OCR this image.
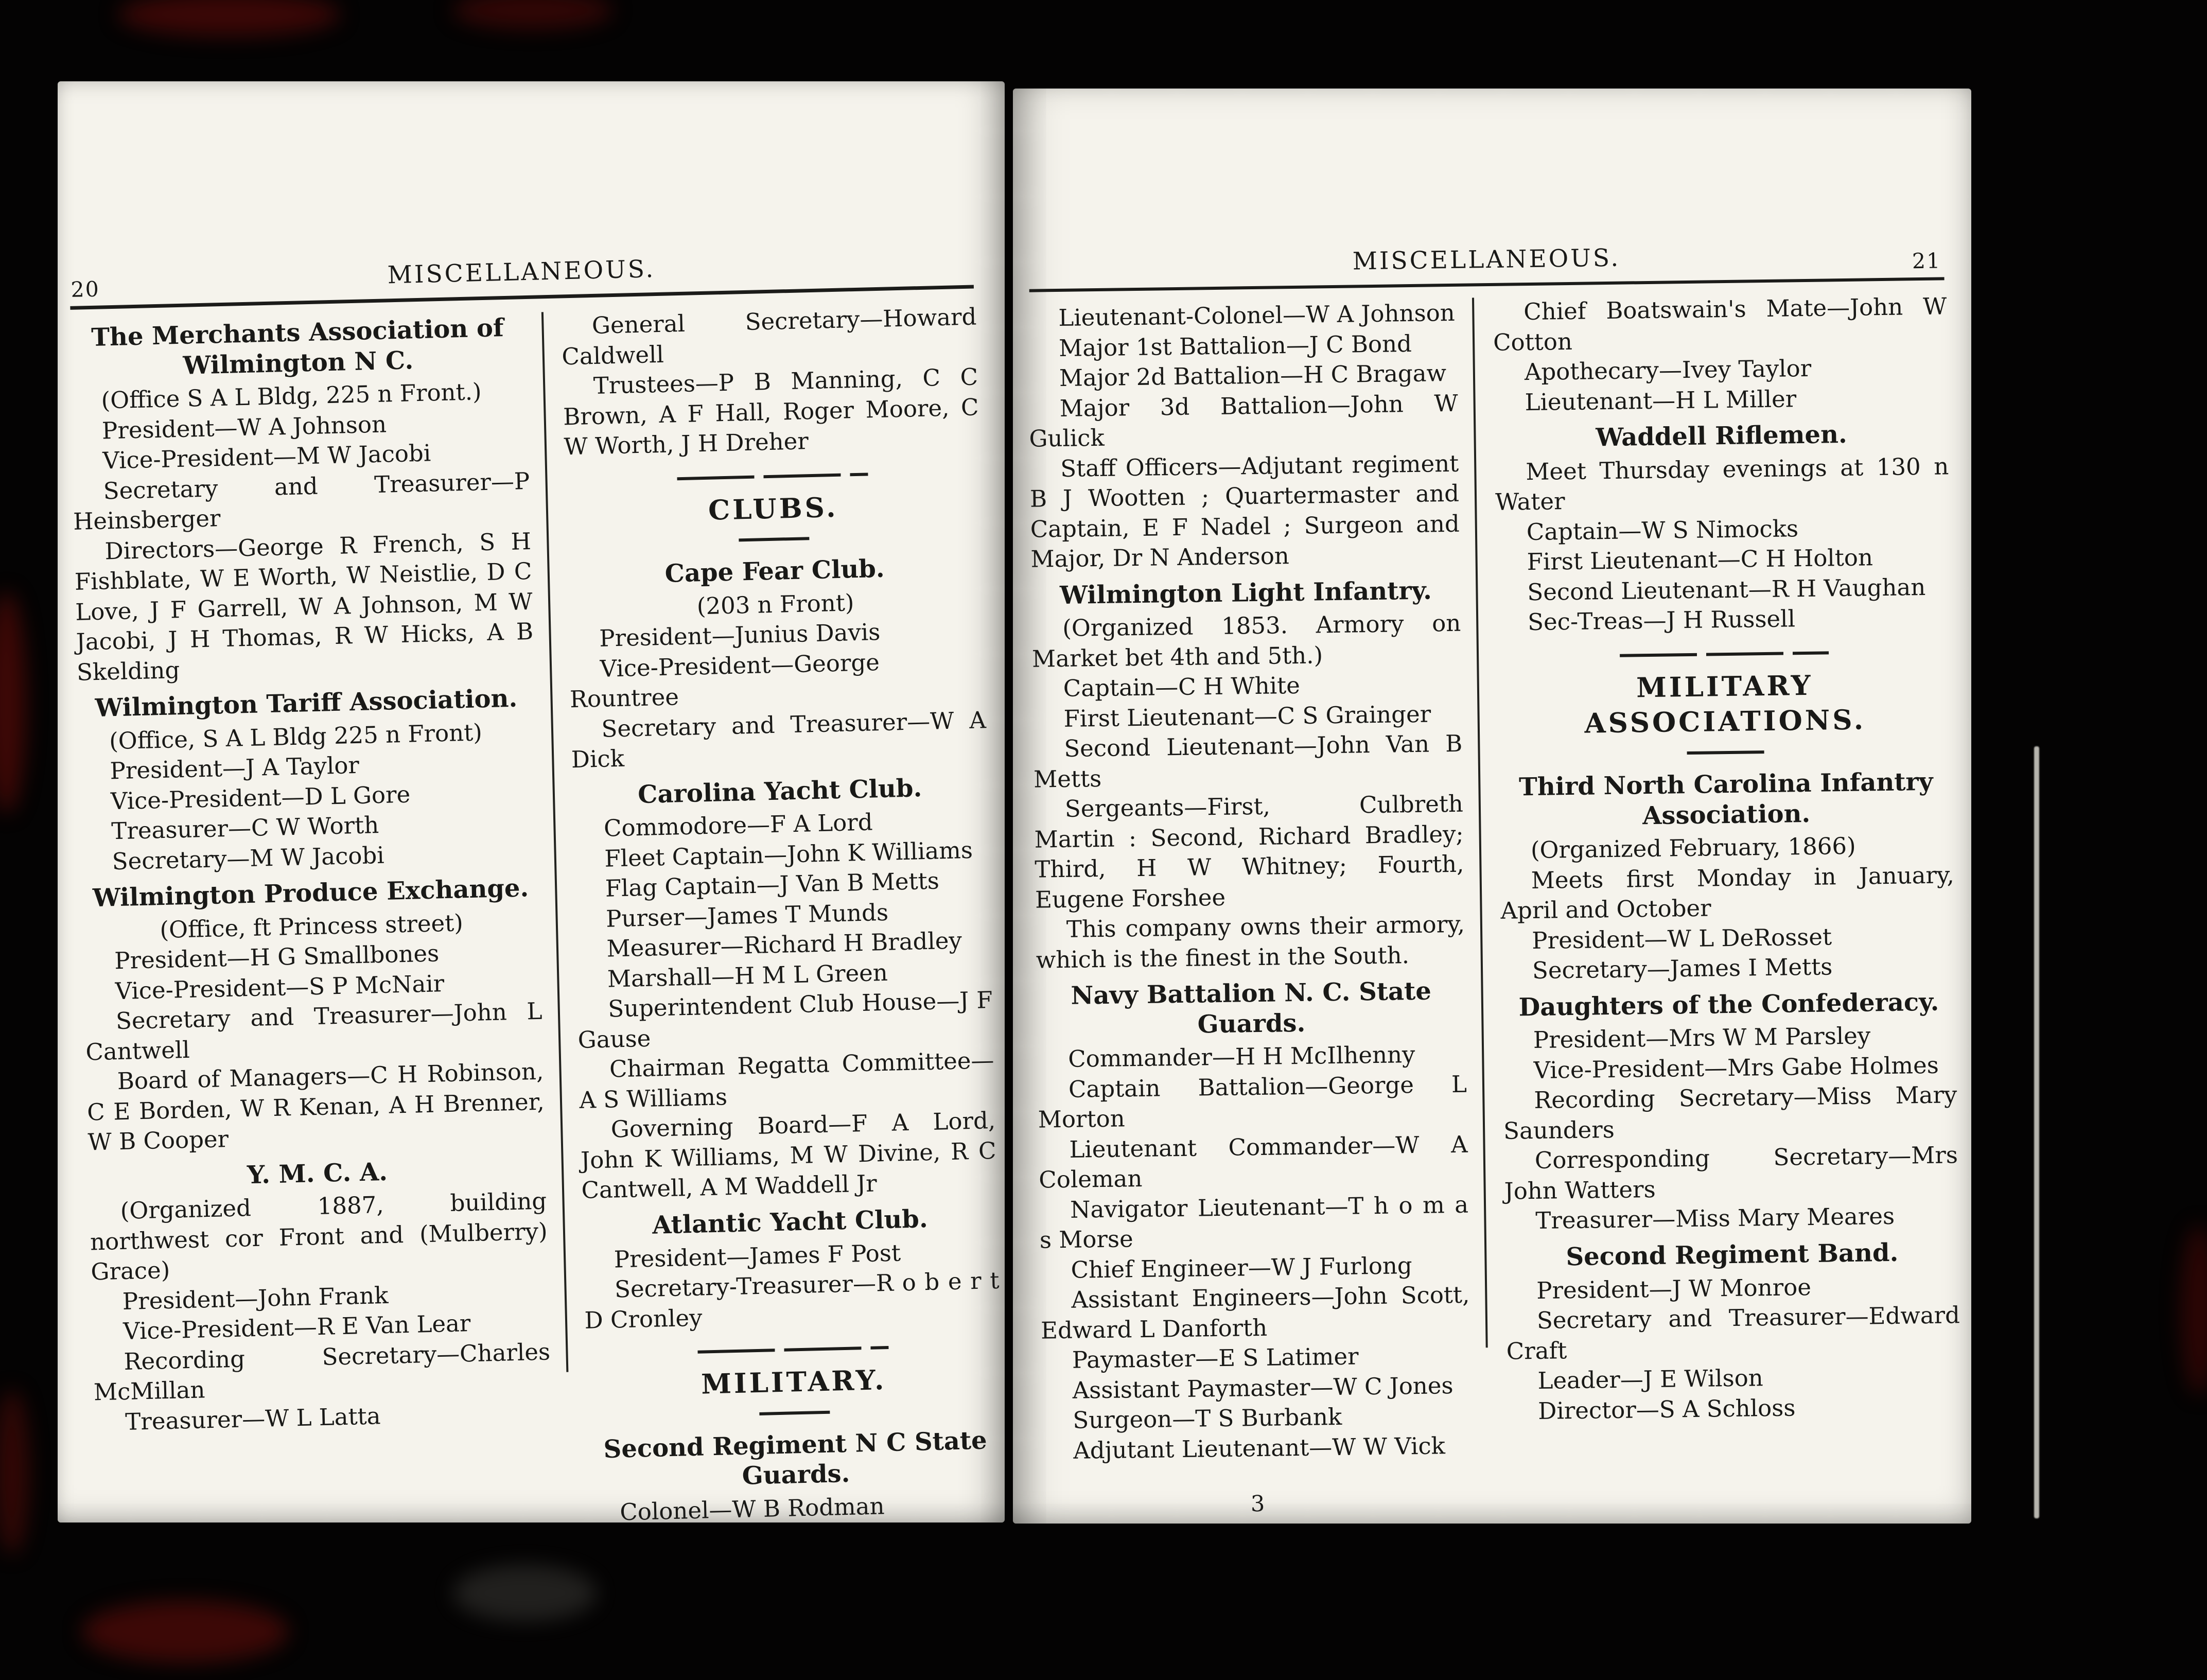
20	MISCELLANEOUS.
The Merchants Association of Wilmington N C.
(Office S A L Bldg, 225 n Front.)
President—W A Johnson
Vice-President—M W Jacobi
Secretary and Treasurer—P Heinsberger
Directors—George R French, S H Fishblate, W E Worth, W Neistlie, D C Love, J F Garrell, W A Johnson, M W Jacobi, J H Thomas, R W Hicks, A B Skelding
Wilmington Tariff Association.
(Office, S A L Bldg 225 n Front)
President—J A Taylor
Vice-President—D L Gore
Treasurer—C W Worth
Secretary—M W Jacobi
Wilmington Produce Exchange.
(Office, ft Princess street)
President—H G Smallbones
Vice-President—S P McNair
Secretary and Treasurer—John L Cantwell
Board of Managers—C H Robinson, C E Borden, W R Kenan, A H Brenner, W B Cooper
Y. M. C. A.
(Organized 1887, building northwest cor Front and (Mulberry) Grace)
President—John Frank
Vice-President—R E Van Lear
Recording Secretary—Charles McMillan
Treasurer—W L Latta
General Secretary—Howard Caldwell
Trustees—P B Manning, C C Brown, A F Hall, Roger Moore, C W Worth, J H Dreher
CLUBS.
Cape Fear Club.
(203 n Front)
President—Junius Davis
Vice-President—George Rountree
Secretary and Treasurer—W A Dick
Carolina Yacht Club.
Commodore—F A Lord
Fleet Captain—John K Williams
Flag Captain—J Van B Metts
Purser—James T Munds
Measurer—Richard H Bradley
Marshall—H M L Green
Superintendent Club House—J F Gause
Chairman Regatta Committee—A S Williams
Governing Board—F A Lord, John K Williams, M W Divine, R C Cantwell, A M Waddell Jr
Atlantic Yacht Club.
President—James F Post
Secretary-Treasurer—R o b e r t D Cronley
MILITARY.
Second Regiment N C State Guards.
Colonel—W B Rodman
MISCELLANEOUS.	21
Lieutenant-Colonel—W A Johnson
Major 1st Battalion—J C Bond
Major 2d Battalion—H C Bragaw
Major 3d Battalion—John W Gulick
Staff Officers—Adjutant regiment B J Wootten ; Quartermaster and Captain, E F Nadel ; Surgeon and Major, Dr N Anderson
Wilmington Light Infantry.
(Organized 1853. Armory on Market bet 4th and 5th.)
Captain—C H White
First Lieutenant—C S Grainger
Second Lieutenant—John Van B Metts
Sergeants—First, Culbreth Martin : Second, Richard Bradley; Third, H W Whitney; Fourth, Eugene Forshee
This company owns their armory, which is the finest in the South.
Navy Battalion N. C. State Guards.
Commander—H H McIlhenny
Captain Battalion—George L Morton
Lieutenant Commander—W A Coleman
Navigator Lieutenant—T h o m a s Morse
Chief Engineer—W J Furlong
Assistant Engineers—John Scott, Edward L Danforth
Paymaster—E S Latimer
Assistant Paymaster—W C Jones
Surgeon—T S Burbank
Adjutant Lieutenant—W W Vick
3
Chief Boatswain's Mate—John W Cotton
Apothecary—Ivey Taylor
Lieutenant—H L Miller
Waddell Riflemen.
Meet Thursday evenings at 130 n Water
Captain—W S Nimocks
First Lieutenant—C H Holton
Second Lieutenant—R H Vaughan
Sec-Treas—J H Russell
MILITARY ASSOCIATIONS.
Third North Carolina Infantry Association.
(Organized February, 1866)
Meets first Monday in January, April and October
President—W L DeRosset
Secretary—James I Metts
Daughters of the Confederacy.
President—Mrs W M Parsley
Vice-President—Mrs Gabe Holmes
Recording Secretary—Miss Mary Saunders
Corresponding Secretary—Mrs John Watters
Treasurer—Miss Mary Meares
Second Regiment Band.
President—J W Monroe
Secretary and Treasurer—Edward Craft
Leader—J E Wilson
Director—S A Schloss
